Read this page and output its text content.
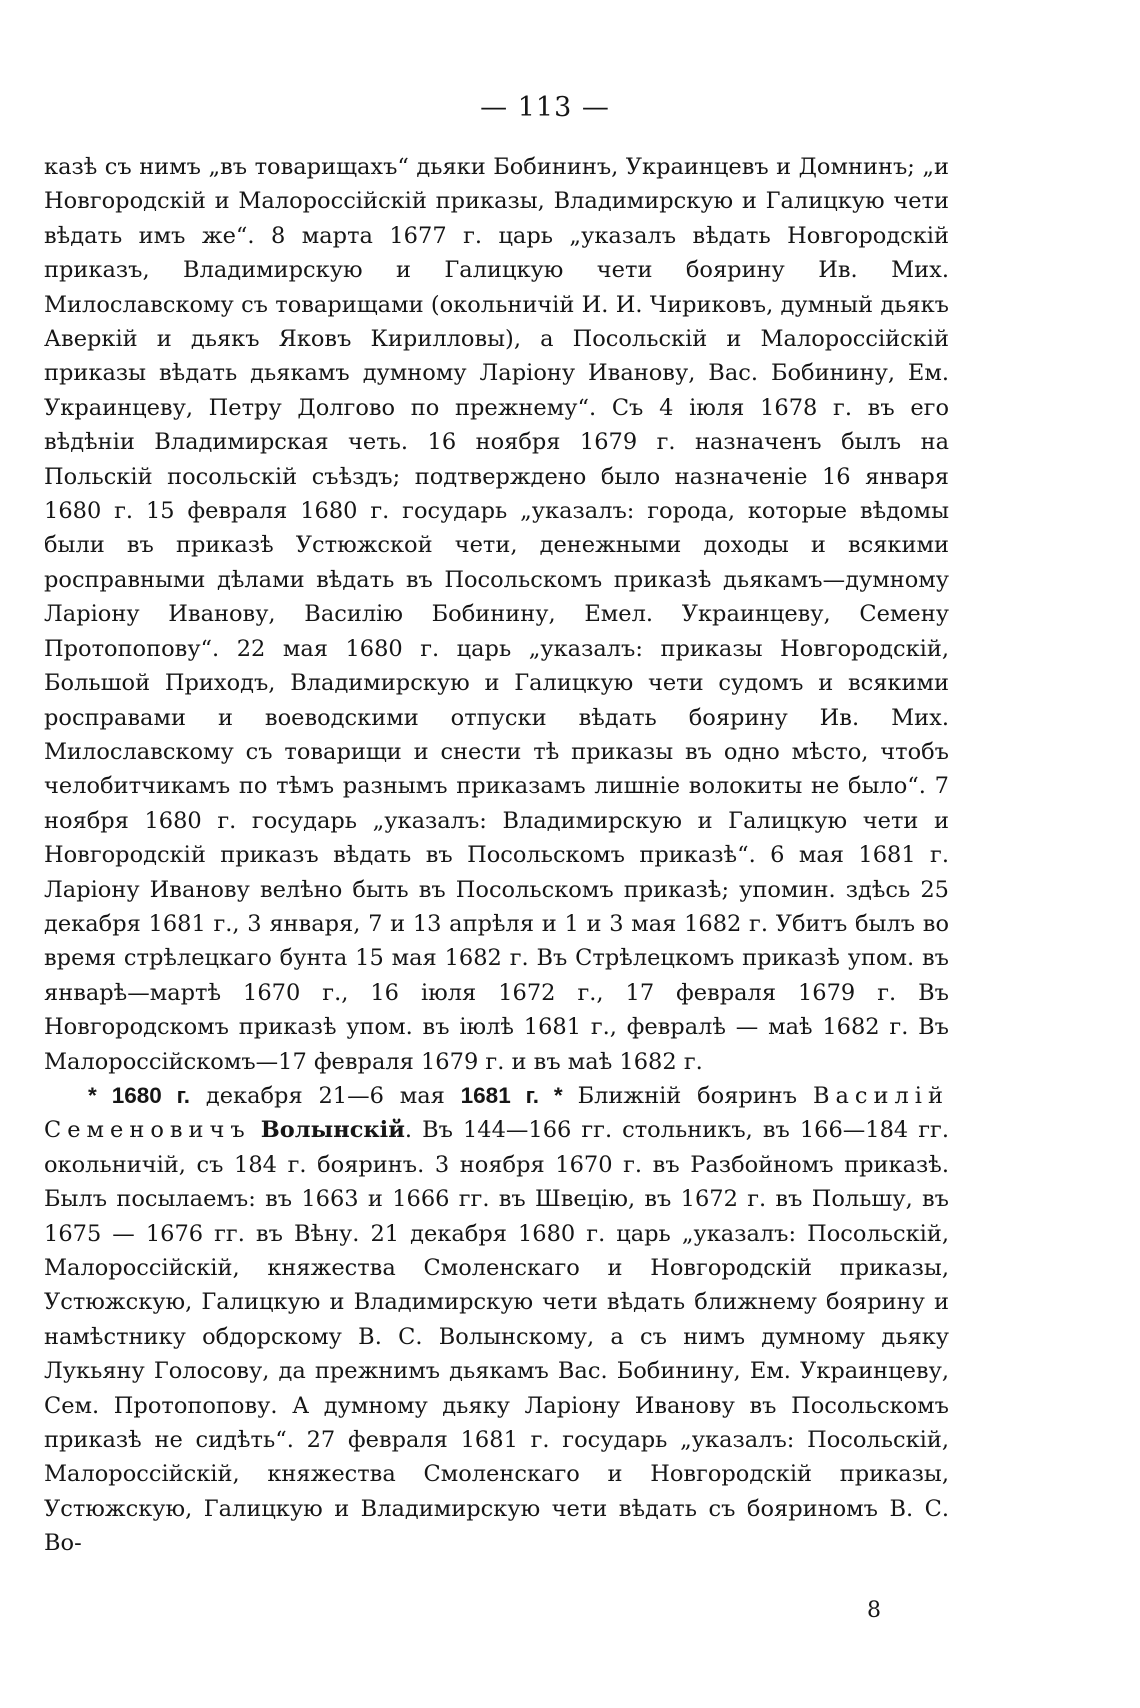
— 113 —

казѣ съ нимъ „въ товарищахъ“ дьяки Бобининъ, Украинцевъ и Домнинъ; „и Новгородскій и Малороссійскій приказы, Владимирскую и Галицкую чети вѣдать имъ же“. 8 марта 1677 г. царь „указалъ вѣдать Новгородскій приказъ, Владимирскую и Галицкую чети боярину Ив. Мих. Милославскому съ товарищами (окольничій И. И. Чириковъ, думный дьякъ Аверкій и дьякъ Яковъ Кирилловы), а Посольскій и Малороссійскій приказы вѣдать дьякамъ думному Ларіону Иванову, Вас. Бобинину, Ем. Украинцеву, Петру Долгово по прежнему“. Съ 4 іюля 1678 г. въ его вѣдѣніи Владимирская четь. 16 ноября 1679 г. назначенъ былъ на Польскій посольскій съѣздъ; подтверждено было назначеніе 16 января 1680 г. 15 февраля 1680 г. государь „указалъ: города, которые вѣдомы были въ приказѣ Устюжской чети, денежными доходы и всякими росправными дѣлами вѣдать въ Посольскомъ приказѣ дьякамъ—думному Ларіону Иванову, Василію Бобинину, Емел. Украинцеву, Семену Протопопову“. 22 мая 1680 г. царь „указалъ: приказы Новгородскій, Большой Приходъ, Владимирскую и Галицкую чети судомъ и всякими росправами и воеводскими отпуски вѣдать боярину Ив. Мих. Милославскому съ товарищи и снести тѣ приказы въ одно мѣсто, чтобъ челобитчикамъ по тѣмъ разнымъ приказамъ лишніе волокиты не было“. 7 ноября 1680 г. государь „указалъ: Владимирскую и Галицкую чети и Новгородскій приказъ вѣдать въ Посольскомъ приказѣ“. 6 мая 1681 г. Ларіону Иванову велѣно быть въ Посольскомъ приказѣ; упомин. здѣсь 25 декабря 1681 г., 3 января, 7 и 13 апрѣля и 1 и 3 мая 1682 г. Убитъ былъ во время стрѣлецкаго бунта 15 мая 1682 г. Въ Стрѣлецкомъ приказѣ упом. въ январѣ—мартѣ 1670 г., 16 іюля 1672 г., 17 февраля 1679 г. Въ Новгородскомъ приказѣ упом. въ іюлѣ 1681 г., февралѣ — маѣ 1682 г. Въ Малороссійскомъ—17 февраля 1679 г. и въ маѣ 1682 г.

* 1680 г. декабря 21—6 мая 1681 г. * Ближній бояринъ Василій Семеновичъ Волынскій. Въ 144—166 гг. стольникъ, въ 166—184 гг. окольничій, съ 184 г. бояринъ. 3 ноября 1670 г. въ Разбойномъ приказѣ. Былъ посылаемъ: въ 1663 и 1666 гг. въ Швецію, въ 1672 г. въ Польшу, въ 1675 — 1676 гг. въ Вѣну. 21 декабря 1680 г. царь „указалъ: Посольскій, Малороссійскій, княжества Смоленскаго и Новгородскій приказы, Устюжскую, Галицкую и Владимирскую чети вѣдать ближнему боярину и намѣстнику обдорскому В. С. Волынскому, а съ нимъ думному дьяку Лукьяну Голосову, да прежнимъ дьякамъ Вас. Бобинину, Ем. Украинцеву, Сем. Протопопову. А думному дьяку Ларіону Иванову въ Посольскомъ приказѣ не сидѣть“. 27 февраля 1681 г. государь „указалъ: Посольскій, Малороссійскій, княжества Смоленскаго и Новгородскій приказы, Устюжскую, Галицкую и Владимирскую чети вѣдать съ бояриномъ В. С. Во-

8
